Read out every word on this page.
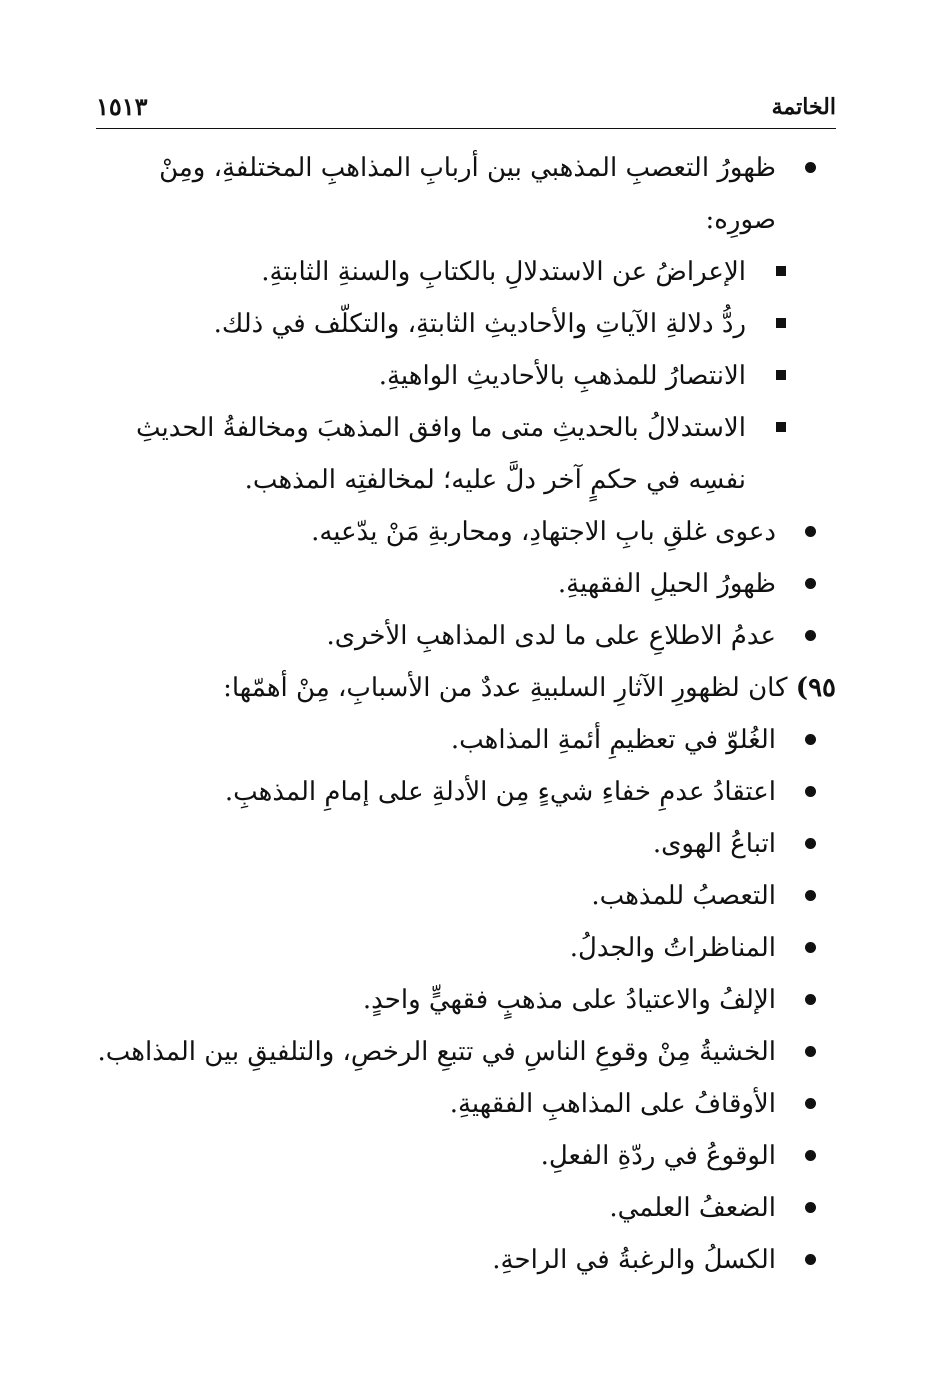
الخاتمة
١٥١٣

ظهورُ التعصبِ المذهبي بين أربابِ المذاهبِ المختلفةِ، ومِنْ صورِه:

الإعراضُ عن الاستدلالِ بالكتابِ والسنةِ الثابتةِ.

ردُّ دلالةِ الآياتِ والأحاديثِ الثابتةِ، والتكلّف في ذلك.

الانتصارُ للمذهبِ بالأحاديثِ الواهيةِ.

الاستدلالُ بالحديثِ متى ما وافق المذهبَ ومخالفةُ الحديثِ نفسِه في حكمٍ آخر دلَّ عليه؛ لمخالفتِه المذهب.

دعوى غلقِ بابِ الاجتهادِ، ومحاربةِ مَنْ يدّعيه.

ظهورُ الحيلِ الفقهيةِ.

عدمُ الاطلاعِ على ما لدى المذاهبِ الأخرى.

٩٥) كان لظهورِ الآثارِ السلبيةِ عددٌ من الأسبابِ، مِنْ أهمّها:

الغُلوّ في تعظيمِ أئمةِ المذاهب.

اعتقادُ عدمِ خفاءِ شيءٍ مِن الأدلةِ على إمامِ المذهبِ.

اتباعُ الهوى.

التعصبُ للمذهب.

المناظراتُ والجدلُ.

الإلفُ والاعتيادُ على مذهبٍ فقهيٍّ واحدٍ.

الخشيةُ مِنْ وقوعِ الناسِ في تتبعِ الرخصِ، والتلفيقِ بين المذاهب.

الأوقافُ على المذاهبِ الفقهيةِ.

الوقوعُ في ردّةِ الفعلِ.

الضعفُ العلمي.

الكسلُ والرغبةُ في الراحةِ.
